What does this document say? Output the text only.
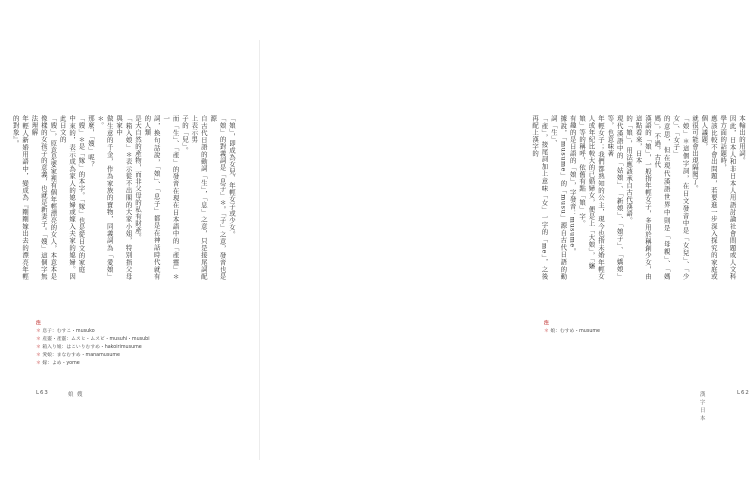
「娘」，即成為女兒、年輕女子或少女。
「娘」的對義詞是「息子」＊。「子」之意，發音也是源
自古代日語的動詞「生」，「息」之意，只是接尾詞配上表示男
子的「兒」。
而「生」、「產」的發音在現在日本語中的「產靈」＊一
詞，換句話說，「娘」、「息子」都是在神話時代就有的人類
是大自然的產物，而非父母的私有財產。
「箱入娘」＊表示從不出閣的大家小姐，特別指父母與家中
做生意的千金，作為家族的寶物，同義詞為「愛娘」＊。
那麼，「嫂」呢？
「嫂」＊是「嫁」的本字。「嫁」也是從日文的家庭
中來的，表示成為家人的媳婦或嫁入夫家的媳婦。因此日文的
「嫂」，原意是要家裡有個年輕漂亮的女人，本意本是像樣的女孩子的意義，也就是新妻子。「嫂」這個字無法理解
年輕人新婚用語中，變成為『剛剛嫁出去的漂亮年輕的對象』。
注
＊ 息子：むすこ・musuko
＊ 産靈・產靈：ムスヒ・ムスビ・musuhi・musubi
＊ 箱入り娘：はこいりむすめ・hakoirimusume
＊ 愛娘：まなむすめ・manamusume
＊ 嫁：よめ・yome
L63	娘 嫂
本輸出的用詞。
因此，日本人和非日本人用語討論社會問題或人文科學方面的話題時，
應該比較不會出問題，若要進一步深入探究的家庭或個人議題，
就很可能會出現隔閡了。
「娘」＊這個字詞，在日文發音中是「女兒」、「少女」、「女子」
的意思，但在現代漢語世界中則是「母親」、「媽媽」，不過，古代
漢語的「娘」，一般指年輕女子，多用於稱創少女，由這點看來，日本
的「娘」，用法應該承自古代漢語。
現代漢語中的「姑娘」、「新娘」、「娘子」、「嬌娘」等，也意味著
年輕女子；我們都熟知的公主，現今也指未婚年輕女人或年紀比較大的已婚婦女，便是上「大娘」，「嬸
娘」等的稱呼，依舊有點「娘」字。
有趣的是日語的「娘」，字發音：musume。
據說，「musume」的「musu」源自古代日語的動詞「生」、
「產」，接尾詞加上意味「女」一字的「me」，之後再配上漢字的
注
＊ 娘：むすめ・musume
漢 字 日 本
L62
